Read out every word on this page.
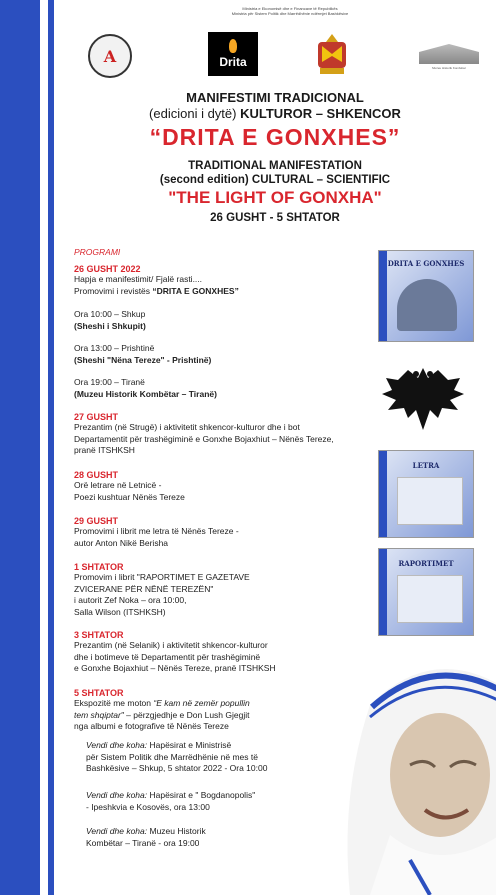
Ministria e Ekonomisë dhe e Financave të Republikës
Ministria për Sistem Politik dhe Marrëdhënie ndërmjet Bashkësive
A	Drita	Muzeu Historik Kombëtar
MANIFESTIMI TRADICIONAL
(edicioni i dytë) KULTUROR – SHKENCOR
“DRITA E GONXHES”
TRADITIONAL MANIFESTATION
(second edition) CULTURAL – SCIENTIFIC
"THE LIGHT OF GONXHA"
26 GUSHT - 5 SHTATOR
PROGRAMI
26 GUSHT 2022
Hapja e manifestimit/ Fjalë rasti....
Promovimi i revistës “DRITA E GONXHES”
Ora 10:00 – Shkup
(Sheshi i Shkupit)
Ora 13:00 – Prishtinë
(Sheshi "Nëna Tereze" - Prishtinë)
Ora 19:00 – Tiranë
(Muzeu Historik Kombëtar – Tiranë)
27 GUSHT
Prezantim (në Strugë) i aktivitetit shkencor-kulturor dhe i bot
Departamentit për trashëgiminë e Gonxhe Bojaxhiut – Nënës Tereze,
pranë ITSHKSH
28 GUSHT
Orë letrare në Letnicë -
Poezi kushtuar Nënës Tereze
29 GUSHT
Promovimi i librit me letra të Nënës Tereze -
autor Anton Nikë Berisha
1 SHTATOR
Promovim i librit "RAPORTIMET E GAZETAVE
ZVICERANE PËR NËNË TEREZËN"
i autorit Zef Noka – ora 10:00,
Salla Wilson (ITSHKSH)
3 SHTATOR
Prezantim (në Selanik) i aktivitetit shkencor-kulturor
dhe i botimeve të Departamentit për trashëgiminë
e Gonxhe Bojaxhiut – Nënës Tereze, pranë ITSHKSH
5 SHTATOR
Ekspozitë me moton “E kam në zemër popullin
tem shqiptar" – përzgjedhje e Don Lush Gjegjit
nga albumi e fotografive të Nënës Tereze
Vendi dhe koha: Hapësirat e Ministrisë
për Sistem Politik dhe Marrëdhënie në mes të
Bashkësive – Shkup, 5 shtator 2022 - Ora 10:00
Vendi dhe koha: Hapësirat e " Bogdanopolis"
- Ipeshkvia e Kosovës, ora 13:00
Vendi dhe koha: Muzeu Historik
Kombëtar – Tiranë - ora 19:00
DRITA E GONXHES
LETRA
RAPORTIMET
